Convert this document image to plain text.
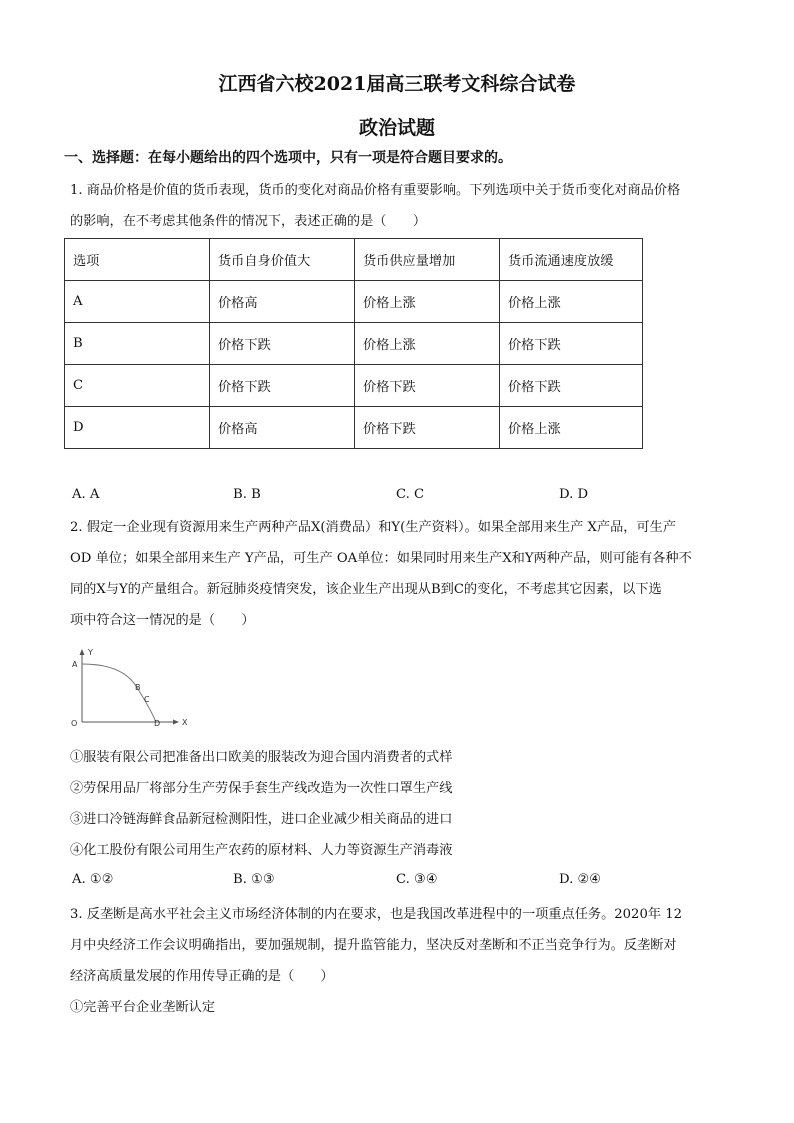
江西省六校2021届高三联考文科综合试卷
政治试题
一、选择题：在每小题给出的四个选项中，只有一项是符合题目要求的。
1. 商品价格是价值的货币表现，货币的变化对商品价格有重要影响。下列选项中关于货币变化对商品价格
的影响，在不考虑其他条件的情况下，表述正确的是（　　）
选项	货币自身价值大	货币供应量增加	货币流通速度放缓
A	价格高	价格上涨	价格上涨
B	价格下跌	价格上涨	价格下跌
C	价格下跌	价格下跌	价格下跌
D	价格高	价格下跌	价格上涨
A. A	B. B	C. C	D. D
2. 假定一企业现有资源用来生产两种产品X(消费品）和Y(生产资料）。如果全部用来生产 X产品，可生产
OD 单位；如果全部用来生产 Y产品，可生产 OA单位：如果同时用来生产X和Y两种产品，则可能有各种不
同的X与Y的产量组合。新冠肺炎疫情突发，该企业生产出现从B到C的变化，不考虑其它因素，以下选
项中符合这一情况的是（　　）
Y
A
B
C
D
O	X
①服装有限公司把准备出口欧美的服装改为迎合国内消费者的式样
②劳保用品厂将部分生产劳保手套生产线改造为一次性口罩生产线
③进口冷链海鲜食品新冠检测阳性，进口企业减少相关商品的进口
④化工股份有限公司用生产农药的原材料、人力等资源生产消毒液
A. ①②	B. ①③	C. ③④	D. ②④
3. 反垄断是高水平社会主义市场经济体制的内在要求，也是我国改革进程中的一项重点任务。2020年 12
月中央经济工作会议明确指出，要加强规制，提升监管能力，坚决反对垄断和不正当竞争行为。反垄断对
经济高质量发展的作用传导正确的是（　　）
①完善平台企业垄断认定
